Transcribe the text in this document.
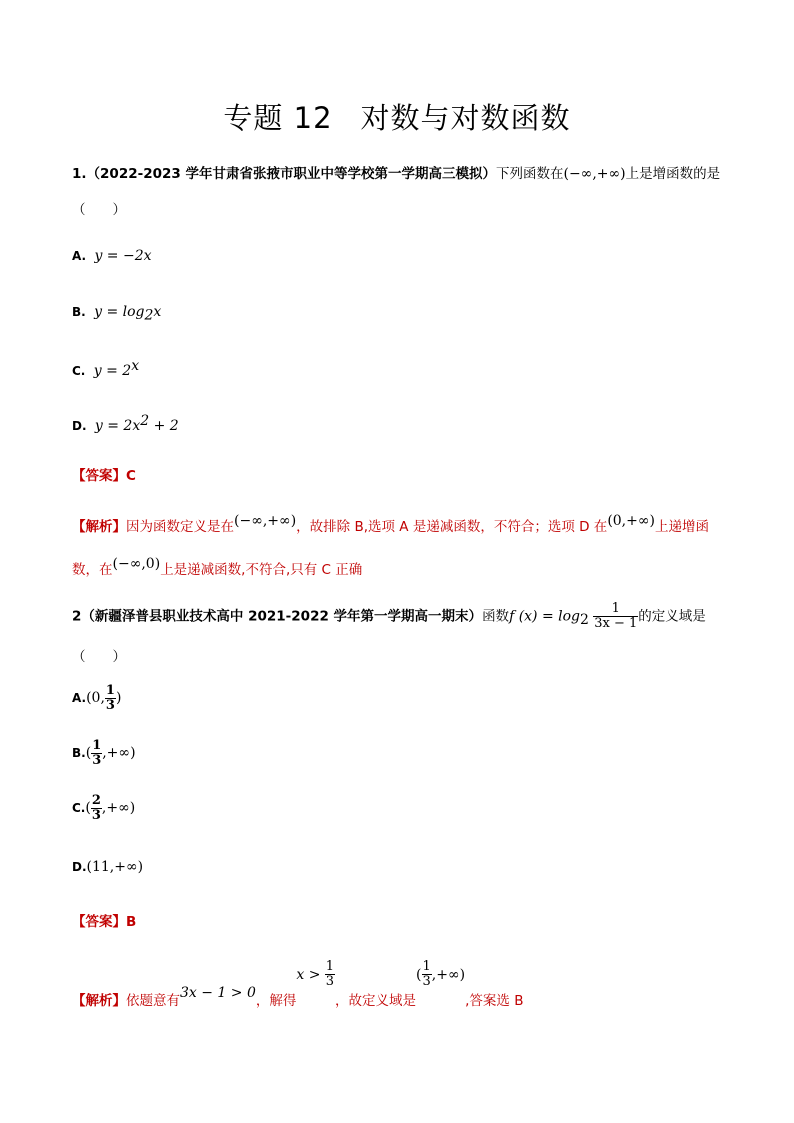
专题 12 对数与对数函数
1.（2022-2023 学年甘肃省张掖市职业中等学校第一学期高三模拟）下列函数在(−∞,+∞)上是增函数的是
（　　）
A. y = −2x
B. $y = \log_2x$
C. $y = 2^x$
D. $y = 2x^2 + 2$
【答案】C
【解析】因为函数定义是在(−∞,+∞)，故排除 B,选项 A 是递减函数，不符合；选项 D 在(0,+∞)上递增函
数，在(−∞,0)上是递减函数,不符合,只有 C 正确
2（新疆泽普县职业技术高中 2021-2022 学年第一学期高一期末）函数f $(x) = \log_2 \frac{1}{3x - 1}$ 的定义域是
（　　）
A.(0, $\frac{1}{3}$ )
$B.( \frac{1}{3}$ ,+∞)
$C.( \frac{2}{3}$ ,+∞)
D.(11,+∞)
【答案】B
【解析】依题意有3x − 1 > 0，解得$x > \frac{1}{3}$
，故定义域是( $\frac{1}{3}$ ,+∞),答案选 B
